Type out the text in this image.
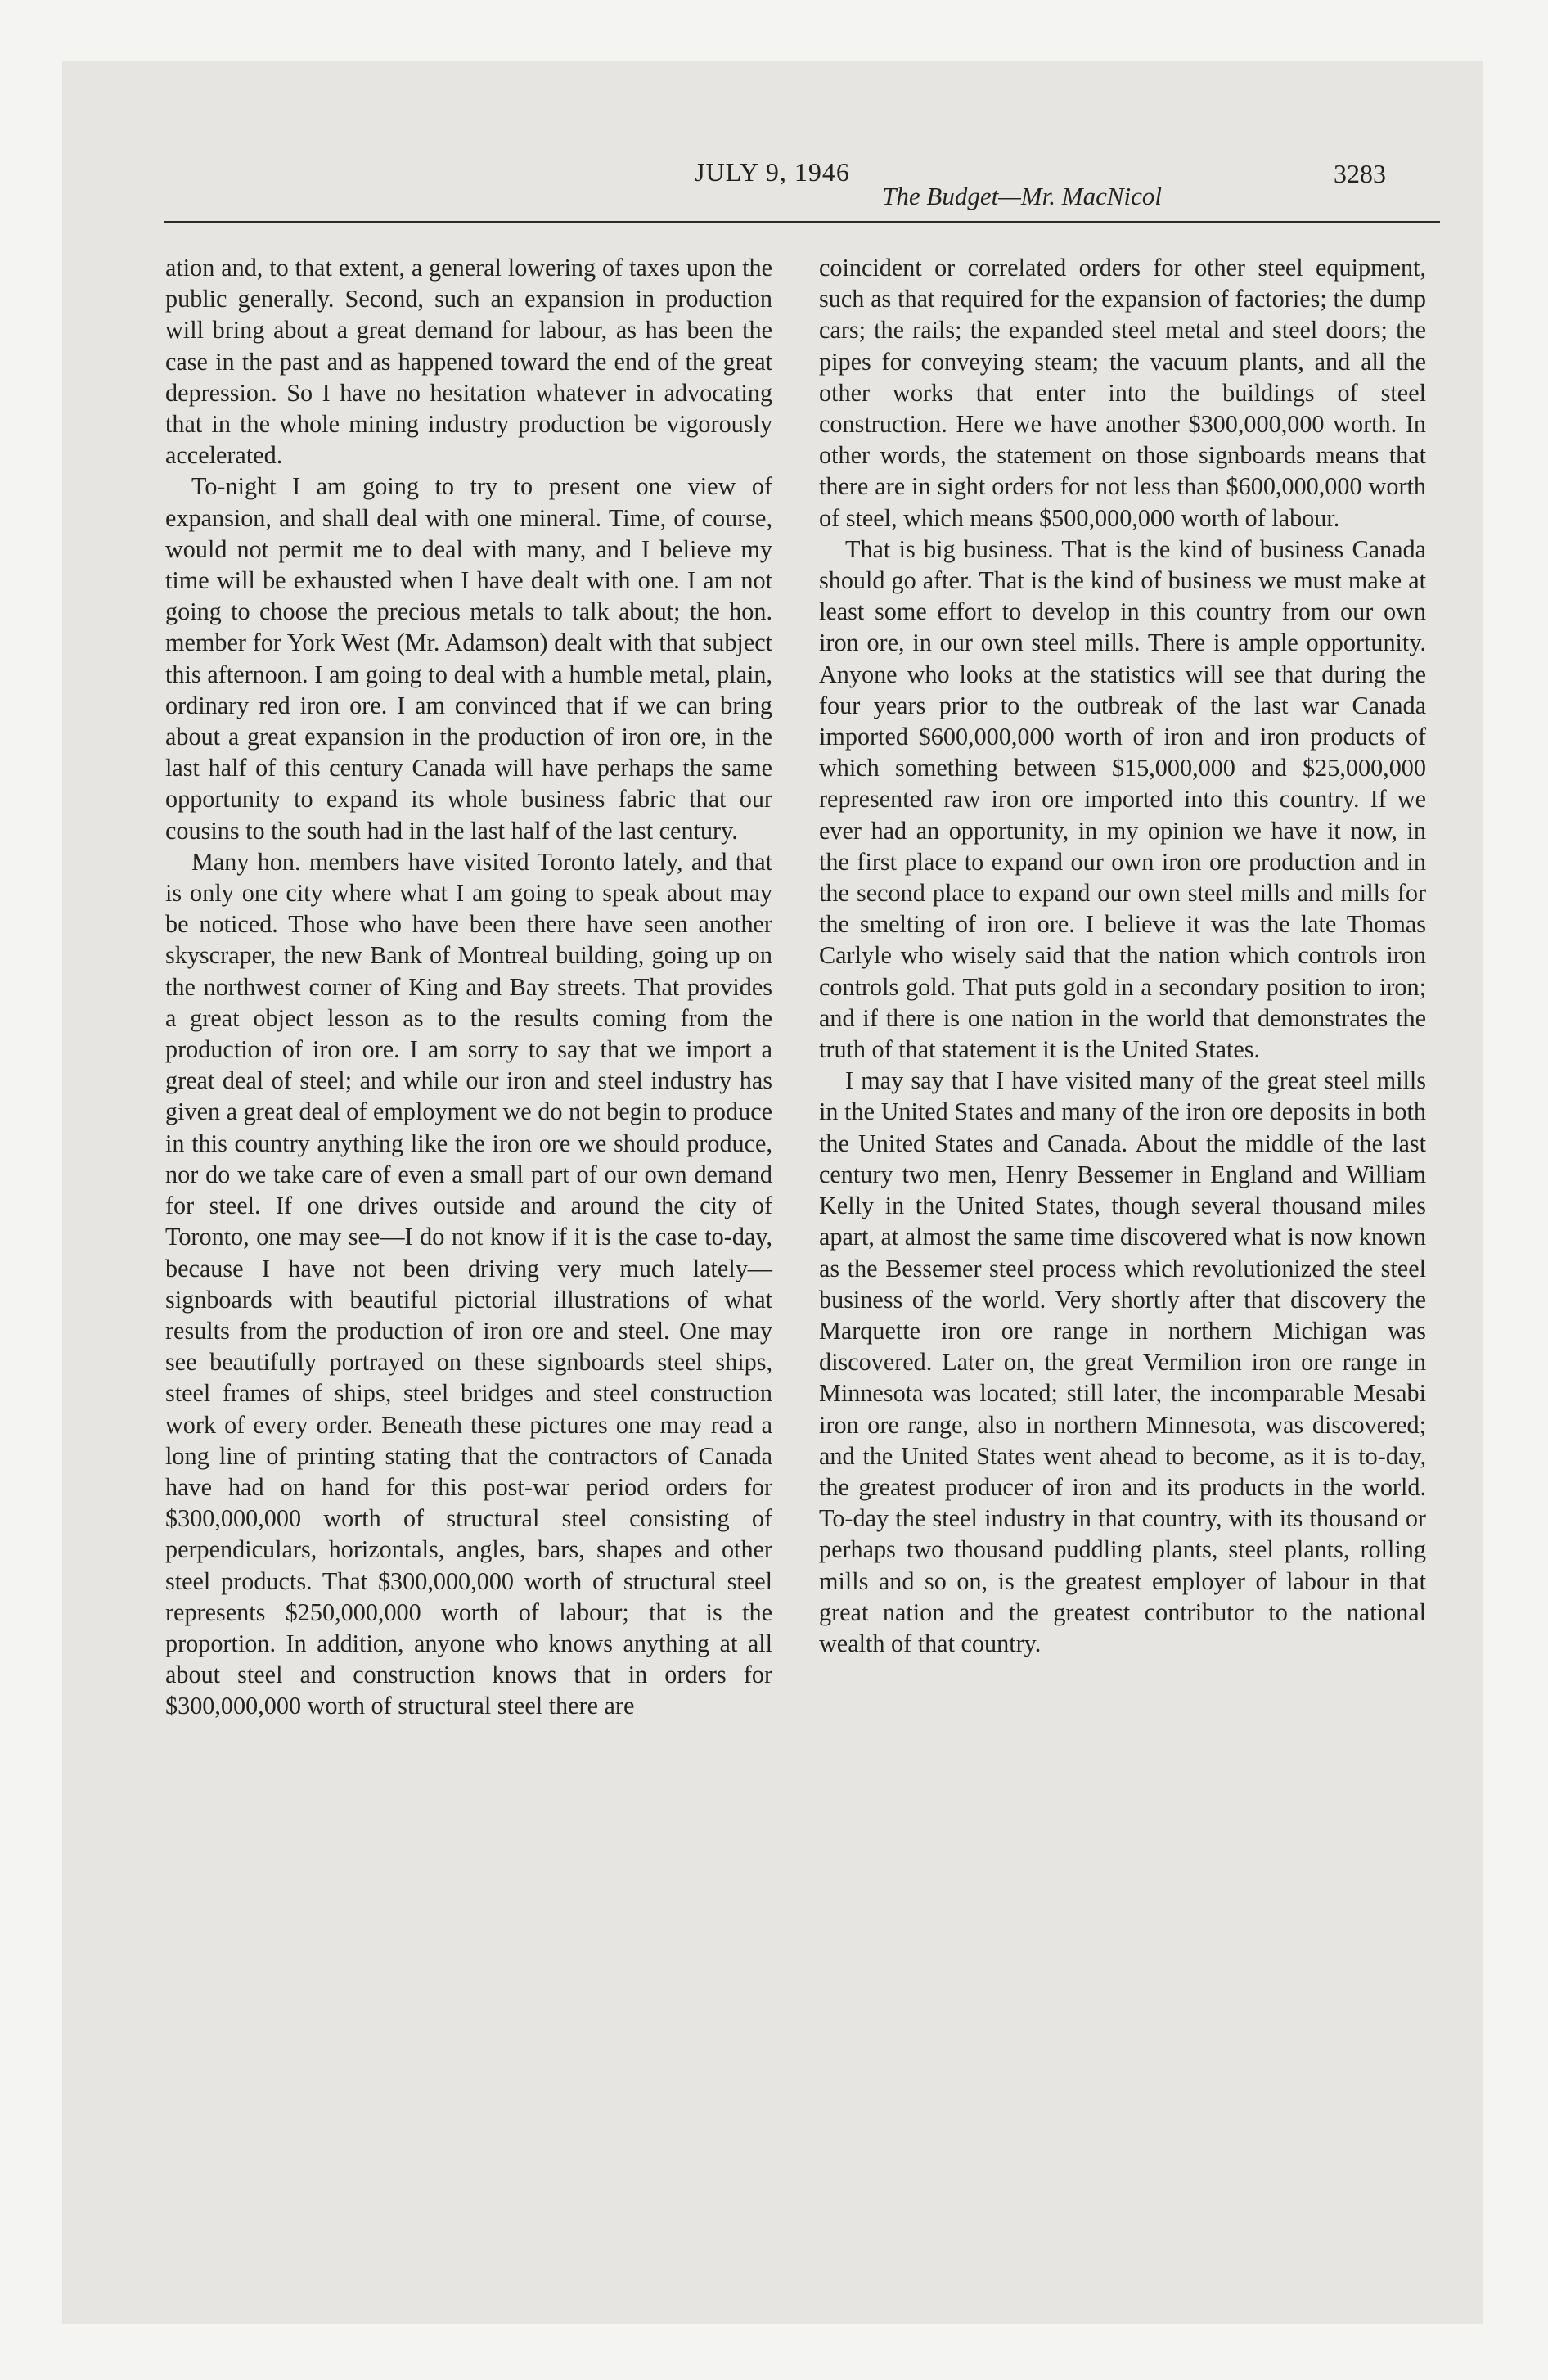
JULY 9, 1946
The Budget—Mr. MacNicol
3283

ation and, to that extent, a general lowering of taxes upon the public generally. Second, such an expansion in production will bring about a great demand for labour, as has been the case in the past and as happened toward the end of the great depression. So I have no hesitation whatever in advocating that in the whole mining industry production be vigorously accelerated.

To-night I am going to try to present one view of expansion, and shall deal with one mineral. Time, of course, would not permit me to deal with many, and I believe my time will be exhausted when I have dealt with one. I am not going to choose the precious metals to talk about; the hon. member for York West (Mr. Adamson) dealt with that subject this afternoon. I am going to deal with a humble metal, plain, ordinary red iron ore. I am convinced that if we can bring about a great expansion in the production of iron ore, in the last half of this century Canada will have perhaps the same opportunity to expand its whole business fabric that our cousins to the south had in the last half of the last century.

Many hon. members have visited Toronto lately, and that is only one city where what I am going to speak about may be noticed. Those who have been there have seen another skyscraper, the new Bank of Montreal building, going up on the northwest corner of King and Bay streets. That provides a great object lesson as to the results coming from the production of iron ore. I am sorry to say that we import a great deal of steel; and while our iron and steel industry has given a great deal of employment we do not begin to produce in this country anything like the iron ore we should produce, nor do we take care of even a small part of our own demand for steel. If one drives outside and around the city of Toronto, one may see—I do not know if it is the case to-day, because I have not been driving very much lately—signboards with beautiful pictorial illustrations of what results from the production of iron ore and steel. One may see beautifully portrayed on these signboards steel ships, steel frames of ships, steel bridges and steel construction work of every order. Beneath these pictures one may read a long line of printing stating that the contractors of Canada have had on hand for this post-war period orders for $300,000,000 worth of structural steel consisting of perpendiculars, horizontals, angles, bars, shapes and other steel products. That $300,000,000 worth of structural steel represents $250,000,000 worth of labour; that is the proportion. In addition, anyone who knows anything at all about steel and construction knows that in orders for $300,000,000 worth of structural steel there are

coincident or correlated orders for other steel equipment, such as that required for the expansion of factories; the dump cars; the rails; the expanded steel metal and steel doors; the pipes for conveying steam; the vacuum plants, and all the other works that enter into the buildings of steel construction. Here we have another $300,000,000 worth. In other words, the statement on those signboards means that there are in sight orders for not less than $600,000,000 worth of steel, which means $500,000,000 worth of labour.

That is big business. That is the kind of business Canada should go after. That is the kind of business we must make at least some effort to develop in this country from our own iron ore, in our own steel mills. There is ample opportunity. Anyone who looks at the statistics will see that during the four years prior to the outbreak of the last war Canada imported $600,000,000 worth of iron and iron products of which something between $15,000,000 and $25,000,000 represented raw iron ore imported into this country. If we ever had an opportunity, in my opinion we have it now, in the first place to expand our own iron ore production and in the second place to expand our own steel mills and mills for the smelting of iron ore. I believe it was the late Thomas Carlyle who wisely said that the nation which controls iron controls gold. That puts gold in a secondary position to iron; and if there is one nation in the world that demonstrates the truth of that statement it is the United States.

I may say that I have visited many of the great steel mills in the United States and many of the iron ore deposits in both the United States and Canada. About the middle of the last century two men, Henry Bessemer in England and William Kelly in the United States, though several thousand miles apart, at almost the same time discovered what is now known as the Bessemer steel process which revolutionized the steel business of the world. Very shortly after that discovery the Marquette iron ore range in northern Michigan was discovered. Later on, the great Vermilion iron ore range in Minnesota was located; still later, the incomparable Mesabi iron ore range, also in northern Minnesota, was discovered; and the United States went ahead to become, as it is to-day, the greatest producer of iron and its products in the world. To-day the steel industry in that country, with its thousand or perhaps two thousand puddling plants, steel plants, rolling mills and so on, is the greatest employer of labour in that great nation and the greatest contributor to the national wealth of that country.
